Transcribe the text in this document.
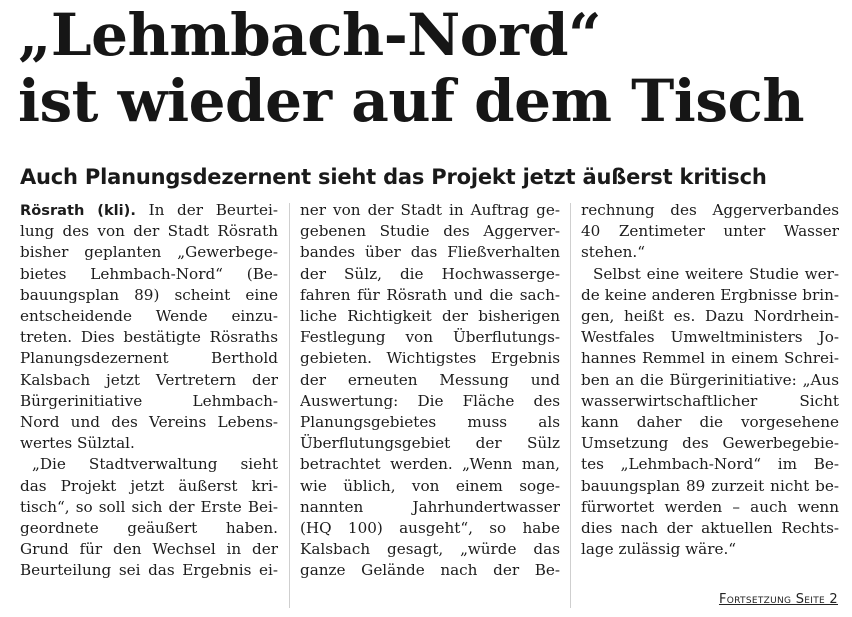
„Lehmbach-Nord“
ist wieder auf dem Tisch
Auch Planungsdezernent sieht das Projekt jetzt äußerst kritisch
Rösrath (kli). In der Beurtei-
lung des von der Stadt Rösrath
bisher geplanten „Gewerbege-
bietes Lehmbach-Nord“ (Be-
bauungsplan 89) scheint eine
entscheidende Wende einzu-
treten. Dies bestätigte Rösraths
Planungsdezernent Berthold
Kalsbach jetzt Vertretern der
Bürgerinitiative Lehmbach-
Nord und des Vereins Lebens-
wertes Sülztal.
„Die Stadtverwaltung sieht
das Projekt jetzt äußerst kri-
tisch“, so soll sich der Erste Bei-
geordnete geäußert haben.
Grund für den Wechsel in der
Beurteilung sei das Ergebnis ei-
ner von der Stadt in Auftrag ge-
gebenen Studie des Aggerver-
bandes über das Fließverhalten
der Sülz, die Hochwasserge-
fahren für Rösrath und die sach-
liche Richtigkeit der bisherigen
Festlegung von Überflutungs-
gebieten. Wichtigstes Ergebnis
der erneuten Messung und
Auswertung: Die Fläche des
Planungsgebietes muss als
Überflutungsgebiet der Sülz
betrachtet werden. „Wenn man,
wie üblich, von einem soge-
nannten Jahrhundertwasser
(HQ 100) ausgeht“, so habe
Kalsbach gesagt, „würde das
ganze Gelände nach der Be-
rechnung des Aggerverbandes
40 Zentimeter unter Wasser
stehen.“
Selbst eine weitere Studie wer-
de keine anderen Ergbnisse brin-
gen, heißt es. Dazu Nordrhein-
Westfales Umweltministers Jo-
hannes Remmel in einem Schrei-
ben an die Bürgerinitiative: „Aus
wasserwirtschaftlicher Sicht
kann daher die vorgesehene
Umsetzung des Gewerbegebie-
tes „Lehmbach-Nord“ im Be-
bauungsplan 89 zurzeit nicht be-
fürwortet werden – auch wenn
dies nach der aktuellen Rechts-
lage zulässig wäre.“
Fortsetzung Seite 2
